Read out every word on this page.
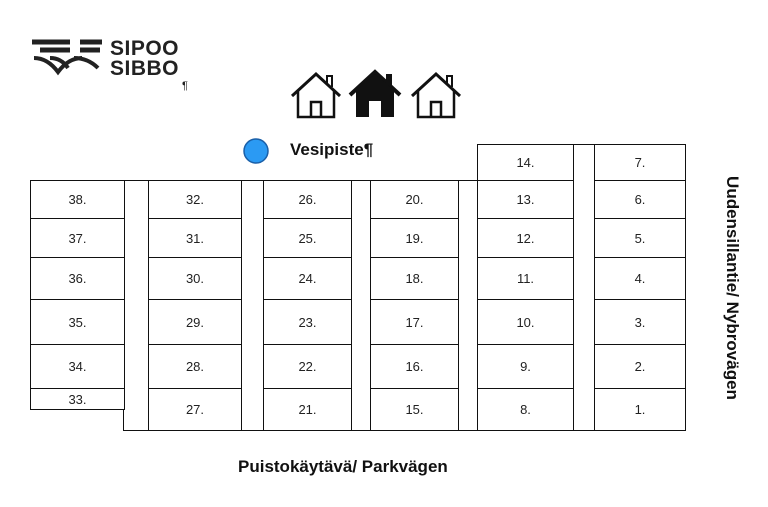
SIPOO
SIBBO
¶
Vesipiste¶
38.
37.
36.
35.
34.
33.
32.
31.
30.
29.
28.
27.
26.
25.
24.
23.
22.
21.
20.
19.
18.
17.
16.
15.
14.
13.
12.
11.
10.
9.
8.
7.
6.
5.
4.
3.
2.
1.
Puistokäytävä/ Parkvägen
Uudensillantie/ Nybrovägen
